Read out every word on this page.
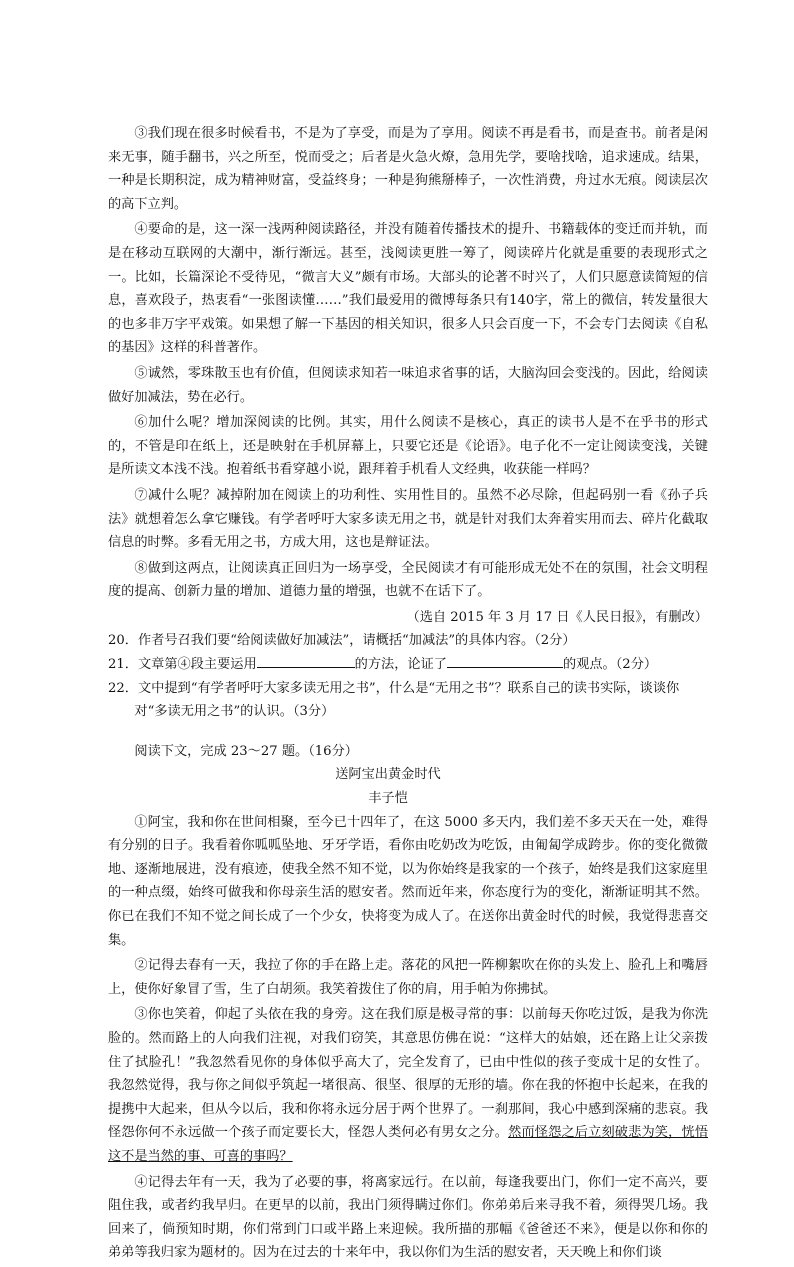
③我们现在很多时候看书，不是为了享受，而是为了享用。阅读不再是看书，而是查书。前者是闲来无事，随手翻书，兴之所至，悦而受之；后者是火急火燎，急用先学，要啥找啥，追求速成。结果，一种是长期积淀，成为精神财富，受益终身；一种是狗熊掰棒子，一次性消费，舟过水无痕。阅读层次的高下立判。

④要命的是，这一深一浅两种阅读路径，并没有随着传播技术的提升、书籍载体的变迁而并轨，而是在移动互联网的大潮中，渐行渐远。甚至，浅阅读更胜一筹了，阅读碎片化就是重要的表现形式之一。比如，长篇深论不受待见，“微言大义”颇有市场。大部头的论著不时兴了，人们只愿意读简短的信息，喜欢段子，热衷看“一张图读懂……”我们最爱用的微博每条只有140字，常上的微信，转发量很大的也多非万字平戏策。如果想了解一下基因的相关知识，很多人只会百度一下，不会专门去阅读《自私的基因》这样的科普著作。

⑤诚然，零珠散玉也有价值，但阅读求知若一味追求省事的话，大脑沟回会变浅的。因此，给阅读做好加减法，势在必行。

⑥加什么呢？增加深阅读的比例。其实，用什么阅读不是核心，真正的读书人是不在乎书的形式的，不管是印在纸上，还是映射在手机屏幕上，只要它还是《论语》。电子化不一定让阅读变浅，关键是所读文本浅不浅。抱着纸书看穿越小说，跟拜着手机看人文经典，收获能一样吗？

⑦减什么呢？减掉附加在阅读上的功利性、实用性目的。虽然不必尽除，但起码别一看《孙子兵法》就想着怎么拿它赚钱。有学者呼吁大家多读无用之书，就是针对我们太奔着实用而去、碎片化截取信息的时弊。多看无用之书，方成大用，这也是辩证法。

⑧做到这两点，让阅读真正回归为一场享受，全民阅读才有可能形成无处不在的氛围，社会文明程度的提高、创新力量的增加、道德力量的增强，也就不在话下了。

（选自 2015 年 3 月 17 日《人民日报》，有删改）

20．作者号召我们要“给阅读做好加减法”，请概括“加减法”的具体内容。（2分）

21．文章第④段主要运用	的方法，论证了	的观点。（2分）

22．文中提到“有学者呼吁大家多读无用之书”，什么是“无用之书”？联系自己的读书实际，谈谈你对“多读无用之书”的认识。（3分）

阅读下文，完成 23～27 题。（16分）

送阿宝出黄金时代

丰子恺

①阿宝，我和你在世间相聚，至今已十四年了，在这 5000 多天内，我们差不多天天在一处，难得有分别的日子。我看着你呱呱坠地、牙牙学语，看你由吃奶改为吃饭，由匍匐学成跨步。你的变化微微地、逐渐地展进，没有痕迹，使我全然不知不觉，以为你始终是我家的一个孩子，始终是我们这家庭里的一种点缀，始终可做我和你母亲生活的慰安者。然而近年来，你态度行为的变化，渐渐证明其不然。你已在我们不知不觉之间长成了一个少女，快将变为成人了。在送你出黄金时代的时候，我觉得悲喜交集。

②记得去春有一天，我拉了你的手在路上走。落花的风把一阵柳絮吹在你的头发上、脸孔上和嘴唇上，使你好象冒了雪，生了白胡须。我笑着拨住了你的肩，用手帕为你拂拭。

③你也笑着，仰起了头依在我的身旁。这在我们原是极寻常的事：以前每天你吃过饭，是我为你洗脸的。然而路上的人向我们注视，对我们窃笑，其意思仿佛在说：“这样大的姑娘，还在路上让父亲拨住了拭脸孔！”我忽然看见你的身体似乎高大了，完全发育了，已由中性似的孩子变成十足的女性了。我忽然觉得，我与你之间似乎筑起一堵很高、很坚、很厚的无形的墙。你在我的怀抱中长起来，在我的提携中大起来，但从今以后，我和你将永远分居于两个世界了。一刹那间，我心中感到深痛的悲哀。我怪怨你何不永远做一个孩子而定要长大，怪怨人类何必有男女之分。然而怪怨之后立刻破悲为笑，恍悟这不是当然的事、可喜的事吗？

④记得去年有一天，我为了必要的事，将离家远行。在以前，每逢我要出门，你们一定不高兴，要阻住我，或者约我早归。在更早的以前，我出门须得瞒过你们。你弟弟后来寻我不着，须得哭几场。我回来了，倘预知时期，你们常到门口或半路上来迎候。我所描的那幅《爸爸还不来》，便是以你和你的弟弟等我归家为题材的。因为在过去的十来年中，我以你们为生活的慰安者，天天晚上和你们谈
